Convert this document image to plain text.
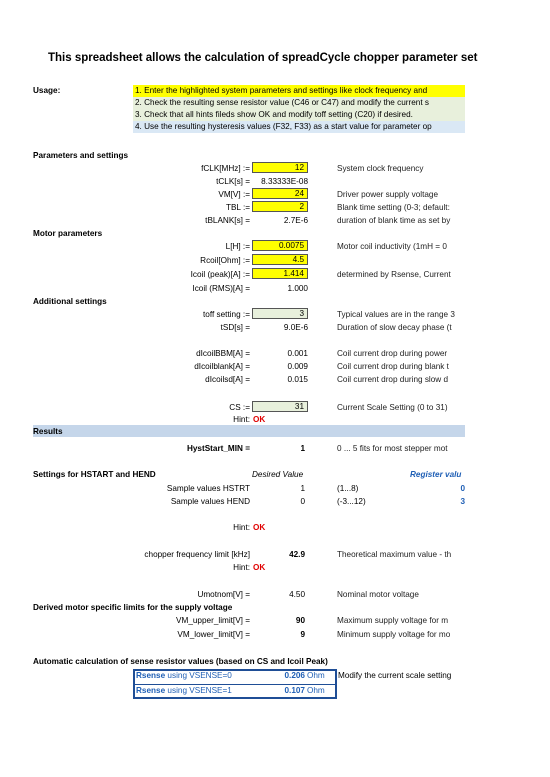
This spreadsheet allows the calculation of spreadCycle chopper parameter set
Usage:	1. Enter the highlighted system parameters and settings like clock frequency and
2. Check the resulting sense resistor value (C46 or C47) and modify the current s
3. Check that all hints fileds show OK and modify toff setting (C20) if desired.
4. Use the resulting hysteresis values (F32, F33) as a start value for parameter op
Parameters and settings
fCLK[MHz] :=	12	System clock frequency
tCLK[s] =	8.33333E-08
VM[V] :=	24	Driver power supply voltage
TBL :=	2	Blank time setting (0-3; default:
tBLANK[s] =	2.7E-6	duration of blank time as set by
Motor parameters
L[H] :=	0.0075	Motor coil inductivity (1mH = 0
Rcoil[Ohm] :=	4.5
Icoil (peak)[A] :=	1.414	determined by Rsense, Current
Icoil (RMS)[A] =	1.000
Additional settings
toff setting :=	3	Typical values are in the range 3
tSD[s] =	9.0E-6	Duration of slow decay phase (t
dIcoilBBM[A] =	0.001	Coil current drop during power
dIcoilblank[A] =	0.009	Coil current drop during blank t
dIcoilsd[A] =	0.015	Coil current drop during slow d
CS :=	31	Current Scale Setting (0 to 31)
Hint: OK
Results
HystStart_MIN =	1	0 ... 5 fits for most stepper mot
Settings for HSTART and HEND	Desired Value	Register valu
Sample values HSTRT	1	(1...8)	0
Sample values HEND	0	(-3...12)	3
Hint: OK
chopper frequency limit [kHz]	42.9	Theoretical maximum value - th
Hint: OK
Umotnom[V] =	4.50	Nominal motor voltage
Derived motor specific limits for the supply voltage
VM_upper_limit[V] =	90	Maximum supply voltage for m
VM_lower_limit[V] =	9	Minimum supply voltage for mo
Automatic calculation of sense resistor values (based on CS and Icoil Peak)
Rsense using VSENSE=0	0.206 Ohm Modify the current scale setting
Rsense using VSENSE=1	0.107 Ohm
